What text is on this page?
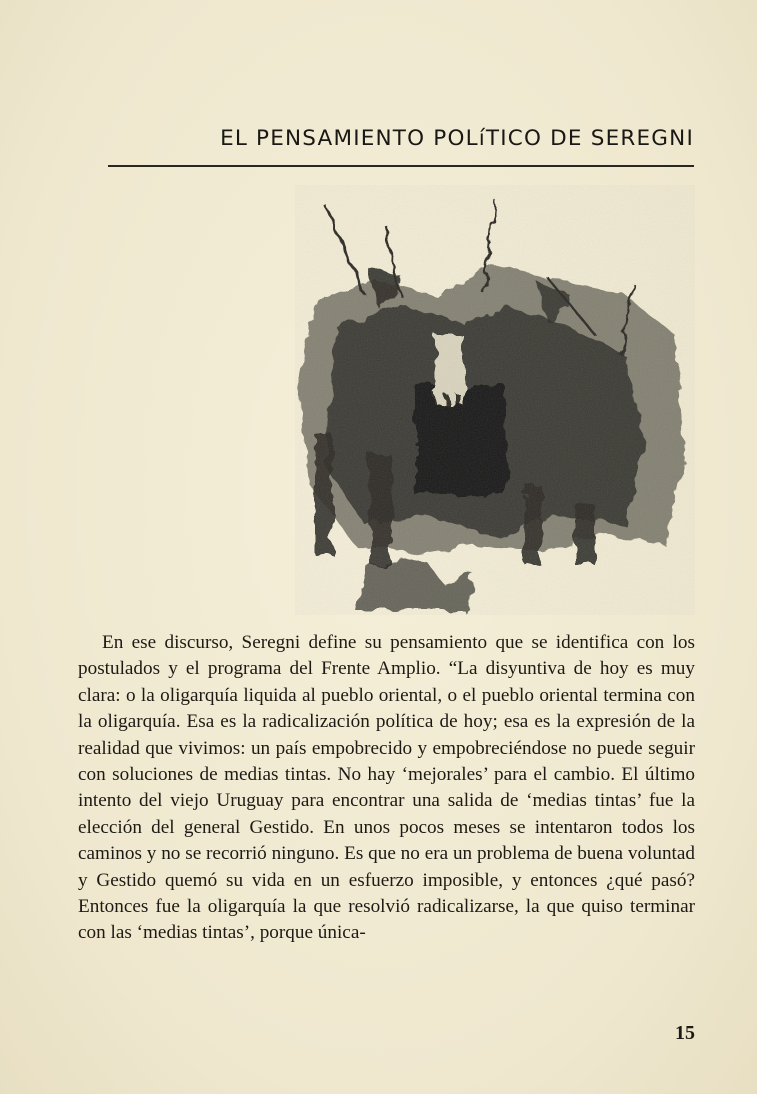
EL PENSAMIENTO POLíTICO DE SEREGNI

En ese discurso, Seregni define su pensamiento que se identifica con los postulados y el programa del Frente Amplio. “La disyuntiva de hoy es muy clara: o la oligarquía liquida al pueblo oriental, o el pueblo oriental termina con la oligarquía. Esa es la radicalización política de hoy; esa es la expresión de la realidad que vivimos: un país empobrecido y empobreciéndose no puede seguir con soluciones de medias tintas. No hay ‘mejorales’ para el cambio. El último intento del viejo Uruguay para encontrar una salida de ‘medias tintas’ fue la elección del general Gestido. En unos pocos meses se intentaron todos los caminos y no se recorrió ninguno. Es que no era un problema de buena voluntad y Gestido quemó su vida en un esfuerzo imposible, y entonces ¿qué pasó? Entonces fue la oligarquía la que resolvió radicalizarse, la que quiso terminar con las ‘medias tintas’, porque única-

15
